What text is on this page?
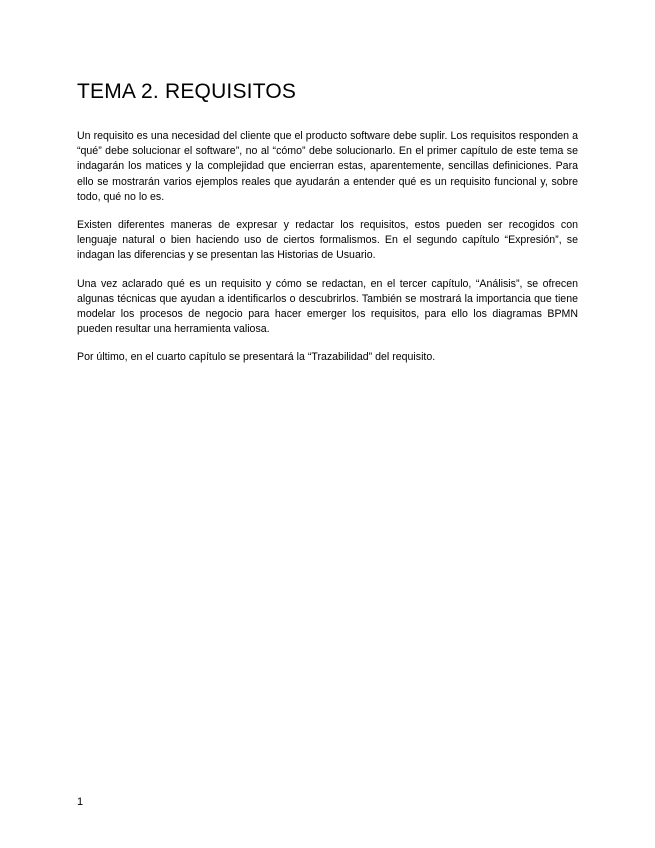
TEMA 2. REQUISITOS

Un requisito es una necesidad del cliente que el producto software debe suplir. Los requisitos responden a “qué” debe solucionar el software”, no al “cómo” debe solucionarlo. En el primer capítulo de este tema se indagarán los matices y la complejidad que encierran estas, aparentemente, sencillas definiciones. Para ello se mostrarán varios ejemplos reales que ayudarán a entender qué es un requisito funcional y, sobre todo, qué no lo es.

Existen diferentes maneras de expresar y redactar los requisitos, estos pueden ser recogidos con lenguaje natural o bien haciendo uso de ciertos formalismos. En el segundo capítulo “Expresión”, se indagan las diferencias y se presentan las Historias de Usuario.

Una vez aclarado qué es un requisito y cómo se redactan, en el tercer capítulo, “Análisis”, se ofrecen algunas técnicas que ayudan a identificarlos o descubrirlos. También se mostrará la importancia que tiene modelar los procesos de negocio para hacer emerger los requisitos, para ello los diagramas BPMN pueden resultar una herramienta valiosa.

Por último, en el cuarto capítulo se presentará la “Trazabilidad” del requisito.

1
